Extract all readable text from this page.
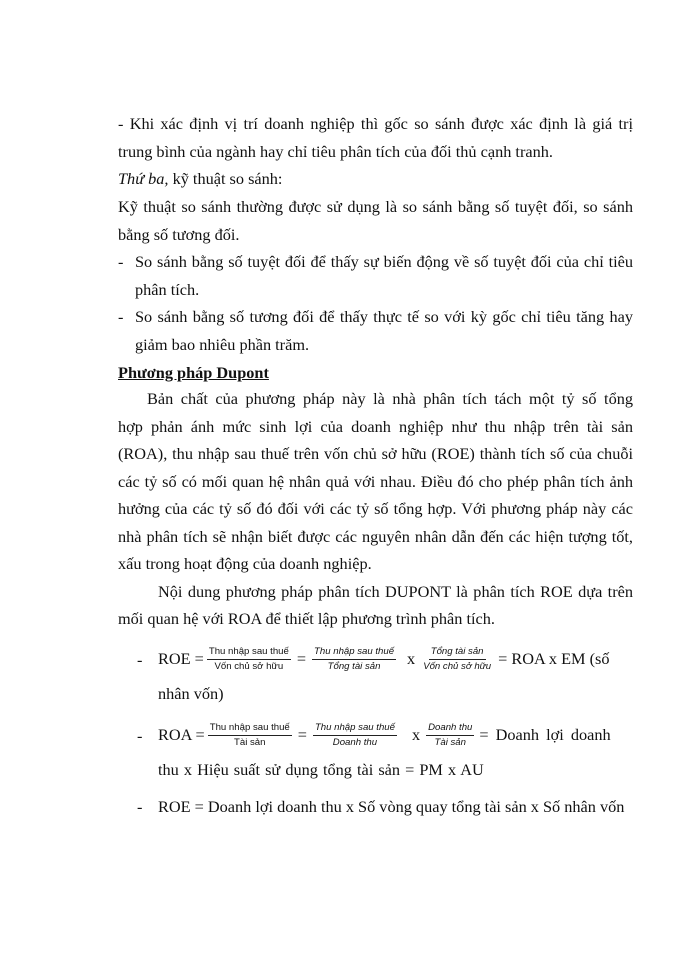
- Khi xác định vị trí doanh nghiệp thì gốc so sánh được xác định là giá trị
trung bình của ngành hay chỉ tiêu phân tích của đối thủ cạnh tranh.
Thứ ba, kỹ thuật so sánh:
Kỹ thuật so sánh thường được sử dụng là so sánh bằng số tuyệt đối, so sánh
bằng số tương đối.
- So sánh bằng số tuyệt đối để thấy sự biến động về số tuyệt đối của chỉ tiêu
phân tích.
- So sánh bằng số tương đối để thấy thực tế so với kỳ gốc chỉ tiêu tăng hay
giảm bao nhiêu phần trăm.
Phương pháp Dupont
Bản chất của phương pháp này là nhà phân tích tách một tỷ số tổng
hợp phản ánh mức sinh lợi của doanh nghiệp như thu nhập trên tài sản
(ROA), thu nhập sau thuế trên vốn chủ sở hữu (ROE) thành tích số của chuỗi
các tỷ số có mối quan hệ nhân quả với nhau. Điều đó cho phép phân tích ảnh
hưởng của các tỷ số đó đối với các tỷ số tổng hợp. Với phương pháp này các
nhà phân tích sẽ nhận biết được các nguyên nhân dẫn đến các hiện tượng tốt,
xấu trong hoạt động của doanh nghiệp.
Nội dung phương pháp phân tích DUPONT là phân tích ROE dựa trên
mối quan hệ với ROA để thiết lập phương trình phân tích.
- ROE = $\frac{\text{Thu nhập sau thuế}}{\text{Vốn chủ sở hữu}} = \frac{\text{Thu nhập sau thuế}}{\text{Tổng tài sản}}$ x $\frac{\text{Tổng tài sản}}{\text{Vốn chủ sở hữu}}$ = ROA x EM (số
nhân vốn)
- ROA = $\frac{\text{Thu nhập sau thuế}}{\text{Tài sản}} = \frac{\text{Thu nhập sau thuế}}{\text{Doanh thu}}$ x $\frac{\text{Doanh thu}}{\text{Tài sản}}$ = Doanh lợi doanh
thu x Hiệu suất sử dụng tổng tài sản = PM x AU
- ROE = Doanh lợi doanh thu x Số vòng quay tổng tài sản x Số nhân vốn
